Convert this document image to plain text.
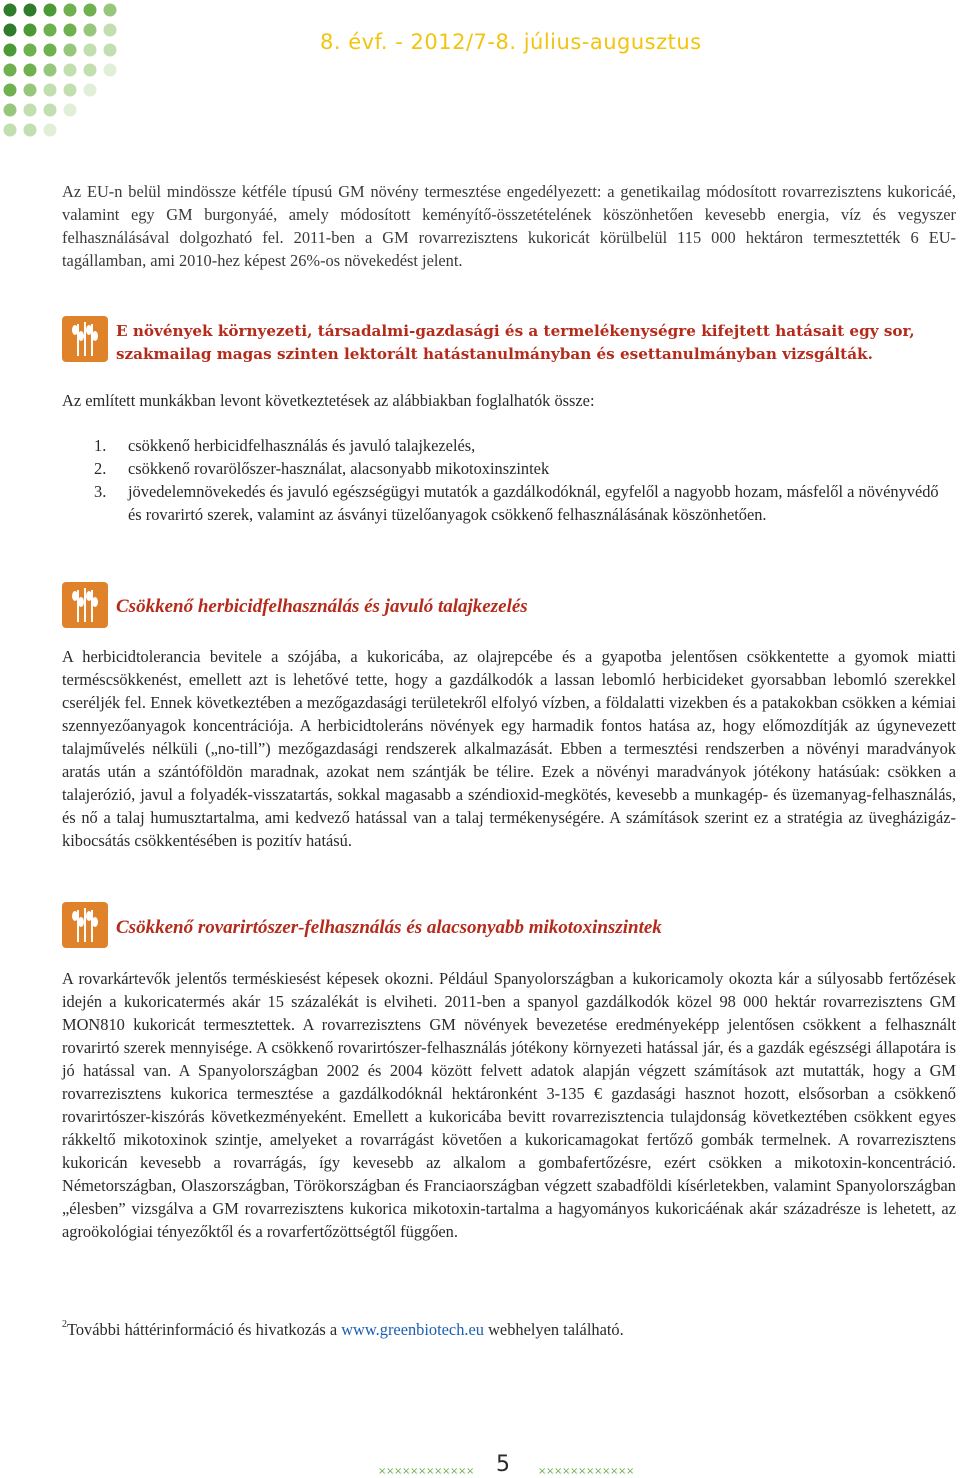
8. évf. - 2012/7-8. július-augusztus

Az EU-n belül mindössze kétféle típusú GM növény termesztése engedélyezett: a genetikailag módosított rovarrezisztens kukoricáé, valamint egy GM burgonyáé, amely módosított keményítő-összetételének köszönhetően kevesebb energia, víz és vegyszer felhasználásával dolgozható fel. 2011-ben a GM rovarrezisztens kukoricát körülbelül 115 000 hektáron termesztették 6 EU-tagállamban, ami 2010-hez képest 26%-os növekedést jelent.

E növények környezeti, társadalmi-gazdasági és a termelékenységre kifejtett hatásait egy sor, szakmailag magas szinten lektorált hatástanulmányban és esettanulmányban vizsgálták.

Az említett munkákban levont következtetések az alábbiakban foglalhatók össze:

1.	csökkenő herbicidfelhasználás és javuló talajkezelés,
2.	csökkenő rovarölőszer-használat, alacsonyabb mikotoxinszintek
3.	jövedelemnövekedés és javuló egészségügyi mutatók a gazdálkodóknál, egyfelől a nagyobb hozam, másfelől a növényvédő és rovarirtó szerek, valamint az ásványi tüzelőanyagok csökkenő felhasználásának köszönhetően.
Csökkenő herbicidfelhasználás és javuló talajkezelés

A herbicidtolerancia bevitele a szójába, a kukoricába, az olajrepcébe és a gyapotba jelentősen csökkentette a gyomok miatti terméscsökkenést, emellett azt is lehetővé tette, hogy a gazdálkodók a lassan lebomló herbicideket gyorsabban lebomló szerekkel cseréljék fel. Ennek következtében a mezőgazdasági területekről elfolyó vízben, a földalatti vizekben és a patakokban csökken a kémiai szennyezőanyagok koncentrációja. A herbicidtoleráns növények egy harmadik fontos hatása az, hogy előmozdítják az úgynevezett talajművelés nélküli („no-till”) mezőgazdasági rendszerek alkalmazását. Ebben a termesztési rendszerben a növényi maradványok aratás után a szántóföldön maradnak, azokat nem szántják be télire. Ezek a növényi maradványok jótékony hatásúak: csökken a talajerózió, javul a folyadék-visszatartás, sokkal magasabb a széndioxid-megkötés, kevesebb a munkagép- és üzemanyag-felhasználás, és nő a talaj humusztartalma, ami kedvező hatással van a talaj termékenységére. A számítások szerint ez a stratégia az üvegházigáz-kibocsátás csökkentésében is pozitív hatású.

Csökkenő rovarirtószer-felhasználás és alacsonyabb mikotoxinszintek

A rovarkártevők jelentős terméskiesést képesek okozni. Például Spanyolországban a kukoricamoly okozta kár a súlyosabb fertőzések idején a kukoricatermés akár 15 százalékát is elviheti. 2011-ben a spanyol gazdálkodók közel 98 000 hektár rovarrezisztens GM MON810 kukoricát termesztettek. A rovarrezisztens GM növények bevezetése eredményeképp jelentősen csökkent a felhasznált rovarirtó szerek mennyisége. A csökkenő rovarirtószer-felhasználás jótékony környezeti hatással jár, és a gazdák egészségi állapotára is jó hatással van. A Spanyolországban 2002 és 2004 között felvett adatok alapján végzett számítások azt mutatták, hogy a GM rovarrezisztens kukorica termesztése a gazdálkodóknál hektáronként 3-135 € gazdasági hasznot hozott, elsősorban a csökkenő rovarirtószer-kiszórás következményeként. Emellett a kukoricába bevitt rovarrezisztencia tulajdonság következtében csökkent egyes rákkeltő mikotoxinok szintje, amelyeket a rovarrágást követően a kukoricamagokat fertőző gombák termelnek. A rovarrezisztens kukoricán kevesebb a rovarrágás, így kevesebb az alkalom a gombafertőzésre, ezért csökken a mikotoxin-koncentráció. Németországban, Olaszországban, Törökországban és Franciaországban végzett szabadföldi kísérletekben, valamint Spanyolországban „élesben” vizsgálva a GM rovarrezisztens kukorica mikotoxin-tartalma a hagyományos kukoricáénak akár századrésze is lehetett, az agroökológiai tényezőktől és a rovarfertőzöttségtől függően.

$^2$További háttérinformáció és hivatkozás a www.greenbiotech.eu webhelyen található.

× × × × × × × × × × × × 5	× × × × × × × × × × × ×
